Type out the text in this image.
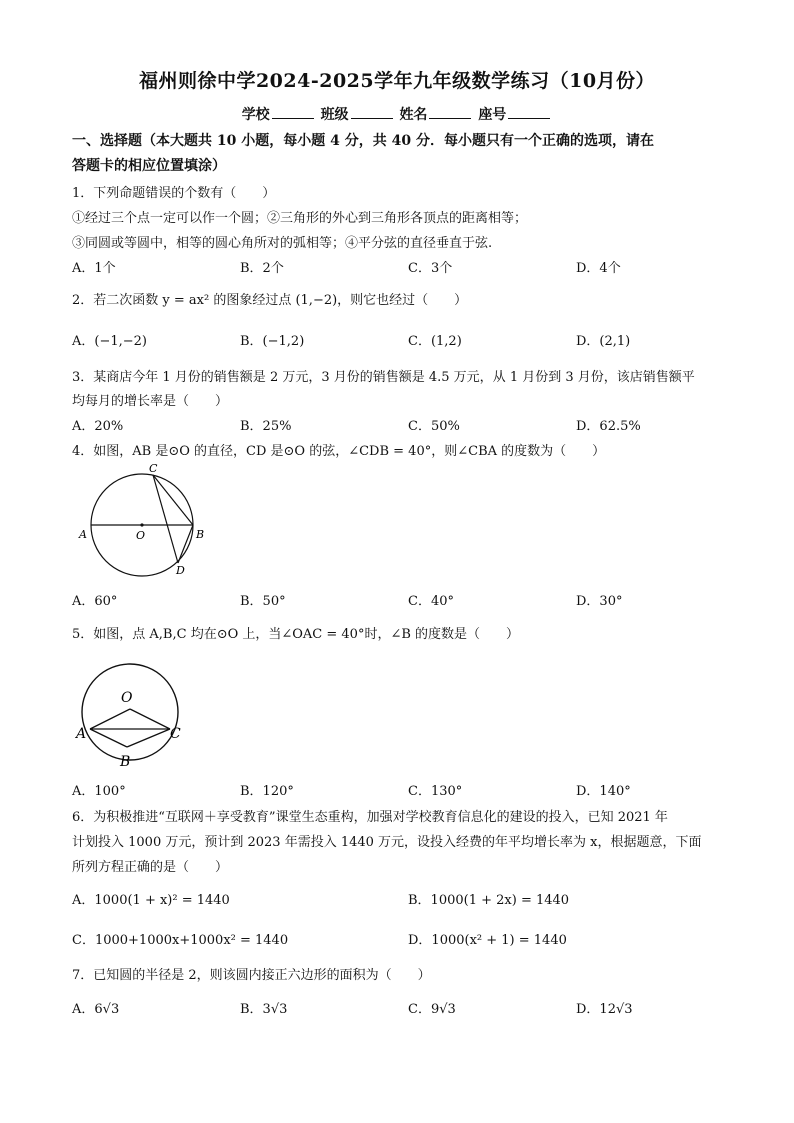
福州则徐中学2024-2025学年九年级数学练习（10月份）
学校	班级	姓名	座号
一、选择题（本大题共 10 小题，每小题 4 分，共 40 分．每小题只有一个正确的选项，请在
答题卡的相应位置填涂）
1．下列命题错误的个数有（　　）
①经过三个点一定可以作一个圆；②三角形的外心到三角形各顶点的距离相等；
③同圆或等圆中，相等的圆心角所对的弧相等；④平分弦的直径垂直于弦.
A．1个	B．2个	C．3个	D．4个
2．若二次函数 y = ax² 的图象经过点 (1,−2)，则它也经过（　　）
A．(−1,−2)	B．(−1,2)	C．(1,2)	D．(2,1)
3．某商店今年 1 月份的销售额是 2 万元，3 月份的销售额是 4.5 万元，从 1 月份到 3 月份，该店销售额平
均每月的增长率是（　　）
A．20%	B．25%	C．50%	D．62.5%
4．如图，AB 是⊙O 的直径，CD 是⊙O 的弦，∠CDB = 40°，则∠CBA 的度数为（　　）
A	O	B
C
D
A．60°	B．50°	C．40°	D．30°
5．如图，点 A,B,C 均在⊙O 上，当∠OAC = 40°时，∠B 的度数是（　　）
O
A	C
B
A．100°	B．120°	C．130°	D．140°
6．为积极推进“互联网＋享受教育”课堂生态重构，加强对学校教育信息化的建设的投入，已知 2021 年
计划投入 1000 万元，预计到 2023 年需投入 1440 万元，设投入经费的年平均增长率为 x，根据题意，下面
所列方程正确的是（　　）
A．1000(1 + x)² = 1440	B．1000(1 + 2x) = 1440
C．1000+1000x+1000x² = 1440	D．1000(x² + 1) = 1440
7．已知圆的半径是 2，则该圆内接正六边形的面积为（　　）
A．6√3	B．3√3	C．9√3	D．12√3
